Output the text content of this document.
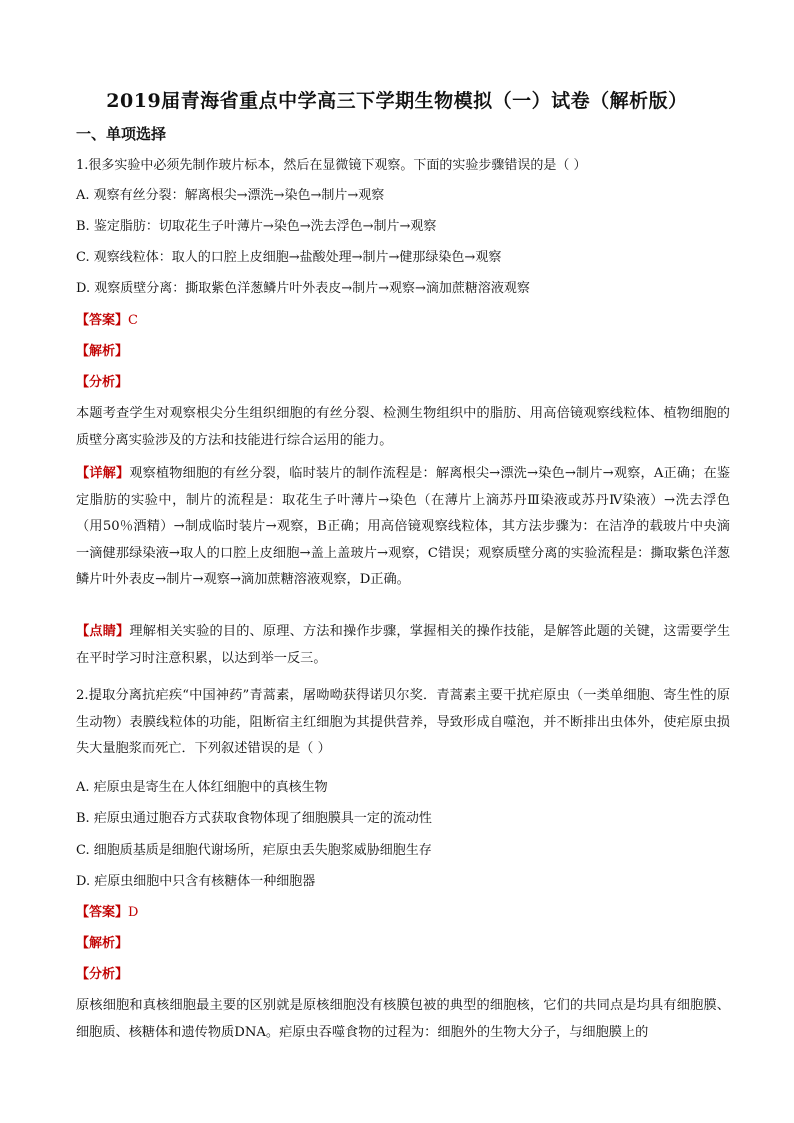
2019届青海省重点中学高三下学期生物模拟（一）试卷（解析版）
一、单项选择
1.很多实验中必须先制作玻片标本，然后在显微镜下观察。下面的实验步骤错误的是（ ）
A. 观察有丝分裂：解离根尖→漂洗→染色→制片→观察
B. 鉴定脂肪：切取花生子叶薄片→染色→洗去浮色→制片→观察
C. 观察线粒体：取人的口腔上皮细胞→盐酸处理→制片→健那绿染色→观察
D. 观察质壁分离：撕取紫色洋葱鳞片叶外表皮→制片→观察→滴加蔗糖溶液观察
【答案】C
【解析】
【分析】
本题考查学生对观察根尖分生组织细胞的有丝分裂、检测生物组织中的脂肪、用高倍镜观察线粒体、植物细胞的质壁分离实验涉及的方法和技能进行综合运用的能力。
【详解】观察植物细胞的有丝分裂，临时装片的制作流程是：解离根尖→漂洗→染色→制片→观察，A正确；在鉴定脂肪的实验中，制片的流程是：取花生子叶薄片→染色（在薄片上滴苏丹Ⅲ染液或苏丹Ⅳ染液）→洗去浮色（用50％酒精）→制成临时装片→观察，B正确；用高倍镜观察线粒体，其方法步骤为：在洁净的载玻片中央滴一滴健那绿染液→取人的口腔上皮细胞→盖上盖玻片→观察，C错误；观察质壁分离的实验流程是：撕取紫色洋葱鳞片叶外表皮→制片→观察→滴加蔗糖溶液观察，D正确。
【点睛】理解相关实验的目的、原理、方法和操作步骤，掌握相关的操作技能，是解答此题的关键，这需要学生在平时学习时注意积累，以达到举一反三。
2.提取分离抗疟疾“中国神药”青蒿素，屠呦呦获得诺贝尔奖．青蒿素主要干扰疟原虫（一类单细胞、寄生性的原生动物）表膜线粒体的功能，阻断宿主红细胞为其提供营养，导致形成自噬泡，并不断排出虫体外，使疟原虫损失大量胞浆而死亡．下列叙述错误的是（ ）
A. 疟原虫是寄生在人体红细胞中的真核生物
B. 疟原虫通过胞吞方式获取食物体现了细胞膜具一定的流动性
C. 细胞质基质是细胞代谢场所，疟原虫丢失胞浆威胁细胞生存
D. 疟原虫细胞中只含有核糖体一种细胞器
【答案】D
【解析】
【分析】
原核细胞和真核细胞最主要的区别就是原核细胞没有核膜包被的典型的细胞核，它们的共同点是均具有细胞膜、细胞质、核糖体和遗传物质DNA。疟原虫吞噬食物的过程为：细胞外的生物大分子，与细胞膜上的
